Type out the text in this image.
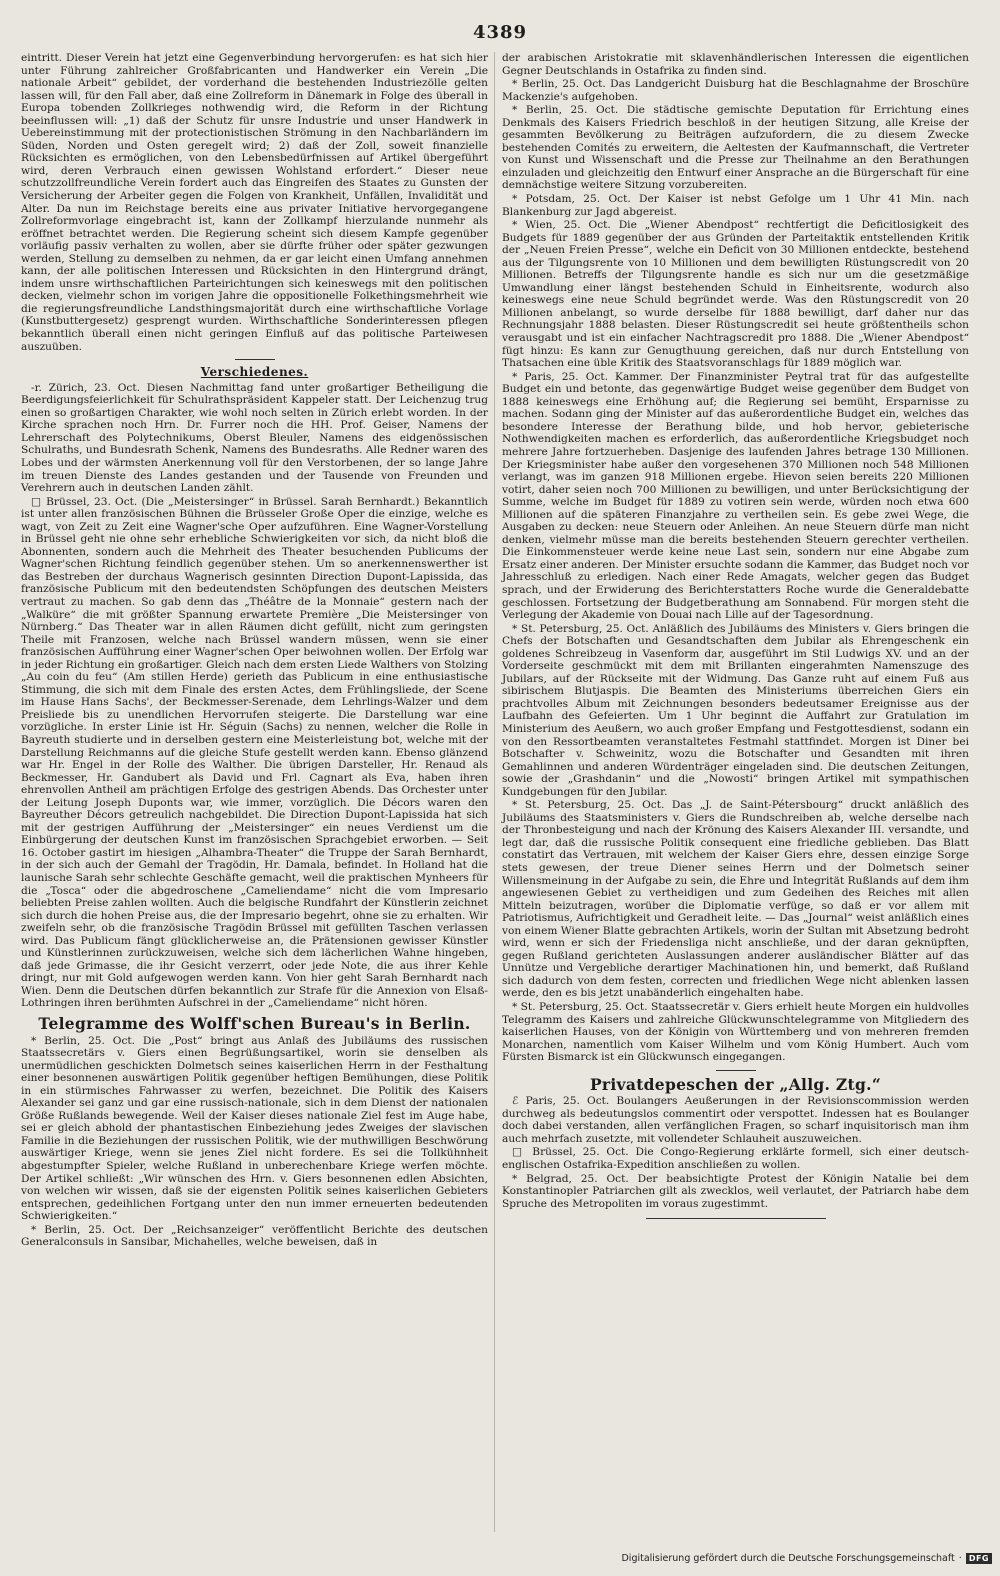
4389

eintritt. Dieser Verein hat jetzt eine Gegenverbindung hervorgerufen: es hat sich hier unter Führung zahlreicher Großfabricanten und Handwerker ein Verein „Die nationale Arbeit“ gebildet, der vorderhand die bestehenden Industriezölle gelten lassen will, für den Fall aber, daß eine Zollreform in Dänemark in Folge des überall in Europa tobenden Zollkrieges nothwendig wird, die Reform in der Richtung beeinflussen will: „1) daß der Schutz für unsre Industrie und unser Handwerk in Uebereinstimmung mit der protectionistischen Strömung in den Nachbarländern im Süden, Norden und Osten geregelt wird; 2) daß der Zoll, soweit finanzielle Rücksichten es ermöglichen, von den Lebensbedürfnissen auf Artikel übergeführt wird, deren Verbrauch einen gewissen Wohlstand erfordert.“ Dieser neue schutzzollfreundliche Verein fordert auch das Eingreifen des Staates zu Gunsten der Versicherung der Arbeiter gegen die Folgen von Krankheit, Unfällen, Invalidität und Alter. Da nun im Reichstage bereits eine aus privater Initiative hervorgegangene Zollreformvorlage eingebracht ist, kann der Zollkampf hierzulande nunmehr als eröffnet betrachtet werden. Die Regierung scheint sich diesem Kampfe gegenüber vorläufig passiv verhalten zu wollen, aber sie dürfte früher oder später gezwungen werden, Stellung zu demselben zu nehmen, da er gar leicht einen Umfang annehmen kann, der alle politischen Interessen und Rücksichten in den Hintergrund drängt, indem unsre wirthschaftlichen Parteirichtungen sich keineswegs mit den politischen decken, vielmehr schon im vorigen Jahre die oppositionelle Folkethingsmehrheit wie die regierungsfreundliche Landsthingsmajorität durch eine wirthschaftliche Vorlage (Kunstbuttergesetz) gesprengt wurden. Wirthschaftliche Sonderinteressen pflegen bekanntlich überall einen nicht geringen Einfluß auf das politische Parteiwesen auszuüben.

Verschiedenes.

-r. Zürich, 23. Oct. Diesen Nachmittag fand unter großartiger Betheiligung die Beerdigungsfeierlichkeit für Schulrathspräsident Kappeler statt. Der Leichenzug trug einen so großartigen Charakter, wie wohl noch selten in Zürich erlebt worden. In der Kirche sprachen noch Hrn. Dr. Furrer noch die HH. Prof. Geiser, Namens der Lehrerschaft des Polytechnikums, Oberst Bleuler, Namens des eidgenössischen Schulraths, und Bundesrath Schenk, Namens des Bundesraths. Alle Redner waren des Lobes und der wärmsten Anerkennung voll für den Verstorbenen, der so lange Jahre im treuen Dienste des Landes gestanden und der Tausende von Freunden und Verehrern auch in deutschen Landen zählt.

□ Brüssel, 23. Oct. (Die „Meistersinger“ in Brüssel. Sarah Bernhardt.) Bekanntlich ist unter allen französischen Bühnen die Brüsseler Große Oper die einzige, welche es wagt, von Zeit zu Zeit eine Wagner'sche Oper aufzuführen. Eine Wagner-Vorstellung in Brüssel geht nie ohne sehr erhebliche Schwierigkeiten vor sich, da nicht bloß die Abonnenten, sondern auch die Mehrheit des Theater besuchenden Publicums der Wagner'schen Richtung feindlich gegenüber stehen. Um so anerkennenswerther ist das Bestreben der durchaus Wagnerisch gesinnten Direction Dupont-Lapissida, das französische Publicum mit den bedeutendsten Schöpfungen des deutschen Meisters vertraut zu machen. So gab denn das „Théâtre de la Monnaie“ gestern nach der „Walküre“ die mit größter Spannung erwartete Première „Die Meistersinger von Nürnberg.“ Das Theater war in allen Räumen dicht gefüllt, nicht zum geringsten Theile mit Franzosen, welche nach Brüssel wandern müssen, wenn sie einer französischen Aufführung einer Wagner'schen Oper beiwohnen wollen. Der Erfolg war in jeder Richtung ein großartiger. Gleich nach dem ersten Liede Walthers von Stolzing „Au coin du feu“ (Am stillen Herde) gerieth das Publicum in eine enthusiastische Stimmung, die sich mit dem Finale des ersten Actes, dem Frühlingsliede, der Scene im Hause Hans Sachs', der Beckmesser-Serenade, dem Lehrlings-Walzer und dem Preisliede bis zu unendlichen Hervorrufen steigerte. Die Darstellung war eine vorzügliche. In erster Linie ist Hr. Séguin (Sachs) zu nennen, welcher die Rolle in Bayreuth studierte und in derselben gestern eine Meisterleistung bot, welche mit der Darstellung Reichmanns auf die gleiche Stufe gestellt werden kann. Ebenso glänzend war Hr. Engel in der Rolle des Walther. Die übrigen Darsteller, Hr. Renaud als Beckmesser, Hr. Gandubert als David und Frl. Cagnart als Eva, haben ihren ehrenvollen Antheil am prächtigen Erfolge des gestrigen Abends. Das Orchester unter der Leitung Joseph Duponts war, wie immer, vorzüglich. Die Décors waren den Bayreuther Décors getreulich nachgebildet. Die Direction Dupont-Lapissida hat sich mit der gestrigen Aufführung der „Meistersinger“ ein neues Verdienst um die Einbürgerung der deutschen Kunst im französischen Sprachgebiet erworben. — Seit 16. October gastirt im hiesigen „Alhambra-Theater“ die Truppe der Sarah Bernhardt, in der sich auch der Gemahl der Tragödin, Hr. Damala, befindet. In Holland hat die launische Sarah sehr schlechte Geschäfte gemacht, weil die praktischen Mynheers für die „Tosca“ oder die abgedroschene „Cameliendame“ nicht die vom Impresario beliebten Preise zahlen wollten. Auch die belgische Rundfahrt der Künstlerin zeichnet sich durch die hohen Preise aus, die der Impresario begehrt, ohne sie zu erhalten. Wir zweifeln sehr, ob die französische Tragödin Brüssel mit gefüllten Taschen verlassen wird. Das Publicum fängt glücklicherweise an, die Prätensionen gewisser Künstler und Künstlerinnen zurückzuweisen, welche sich dem lächerlichen Wahne hingeben, daß jede Grimasse, die ihr Gesicht verzerrt, oder jede Note, die aus ihrer Kehle dringt, nur mit Gold aufgewogen werden kann. Von hier geht Sarah Bernhardt nach Wien. Denn die Deutschen dürfen bekanntlich zur Strafe für die Annexion von Elsaß-Lothringen ihren berühmten Aufschrei in der „Cameliendame“ nicht hören.

Telegramme des Wolff'schen Bureau's in Berlin.

* Berlin, 25. Oct. Die „Post“ bringt aus Anlaß des Jubiläums des russischen Staatssecretärs v. Giers einen Begrüßungsartikel, worin sie denselben als unermüdlichen geschickten Dolmetsch seines kaiserlichen Herrn in der Festhaltung einer besonnenen auswärtigen Politik gegenüber heftigen Bemühungen, diese Politik in ein stürmisches Fahrwasser zu werfen, bezeichnet. Die Politik des Kaisers Alexander sei ganz und gar eine russisch-nationale, sich in dem Dienst der nationalen Größe Rußlands bewegende. Weil der Kaiser dieses nationale Ziel fest im Auge habe, sei er gleich abhold der phantastischen Einbeziehung jedes Zweiges der slavischen Familie in die Beziehungen der russischen Politik, wie der muthwilligen Beschwörung auswärtiger Kriege, wenn sie jenes Ziel nicht fordere. Es sei die Tollkühnheit abgestumpfter Spieler, welche Rußland in unberechenbare Kriege werfen möchte. Der Artikel schließt: „Wir wünschen des Hrn. v. Giers besonnenen edlen Absichten, von welchen wir wissen, daß sie der eigensten Politik seines kaiserlichen Gebieters entsprechen, gedeihlichen Fortgang unter den nun immer erneuerten bedeutenden Schwierigkeiten.“

* Berlin, 25. Oct. Der „Reichsanzeiger“ veröffentlicht Berichte des deutschen Generalconsuls in Sansibar, Michahelles, welche beweisen, daß in

der arabischen Aristokratie mit sklavenhändlerischen Interessen die eigentlichen Gegner Deutschlands in Ostafrika zu finden sind.

* Berlin, 25. Oct. Das Landgericht Duisburg hat die Beschlagnahme der Broschüre Mackenzie's aufgehoben.

* Berlin, 25. Oct. Die städtische gemischte Deputation für Errichtung eines Denkmals des Kaisers Friedrich beschloß in der heutigen Sitzung, alle Kreise der gesammten Bevölkerung zu Beiträgen aufzufordern, die zu diesem Zwecke bestehenden Comités zu erweitern, die Aeltesten der Kaufmannschaft, die Vertreter von Kunst und Wissenschaft und die Presse zur Theilnahme an den Berathungen einzuladen und gleichzeitig den Entwurf einer Ansprache an die Bürgerschaft für eine demnächstige weitere Sitzung vorzubereiten.

* Potsdam, 25. Oct. Der Kaiser ist nebst Gefolge um 1 Uhr 41 Min. nach Blankenburg zur Jagd abgereist.

* Wien, 25. Oct. Die „Wiener Abendpost“ rechtfertigt die Deficitlosigkeit des Budgets für 1889 gegenüber der aus Gründen der Parteitaktik entstellenden Kritik der „Neuen Freien Presse“, welche ein Deficit von 30 Millionen entdeckte, bestehend aus der Tilgungsrente von 10 Millionen und dem bewilligten Rüstungscredit von 20 Millionen. Betreffs der Tilgungsrente handle es sich nur um die gesetzmäßige Umwandlung einer längst bestehenden Schuld in Einheitsrente, wodurch also keineswegs eine neue Schuld begründet werde. Was den Rüstungscredit von 20 Millionen anbelangt, so wurde derselbe für 1888 bewilligt, darf daher nur das Rechnungsjahr 1888 belasten. Dieser Rüstungscredit sei heute größtentheils schon verausgabt und ist ein einfacher Nachtragscredit pro 1888. Die „Wiener Abendpost“ fügt hinzu: Es kann zur Genugthuung gereichen, daß nur durch Entstellung von Thatsachen eine üble Kritik des Staatsvoranschlags für 1889 möglich war.

* Paris, 25. Oct. Kammer. Der Finanzminister Peytral trat für das aufgestellte Budget ein und betonte, das gegenwärtige Budget weise gegenüber dem Budget von 1888 keineswegs eine Erhöhung auf; die Regierung sei bemüht, Ersparnisse zu machen. Sodann ging der Minister auf das außerordentliche Budget ein, welches das besondere Interesse der Berathung bilde, und hob hervor, gebieterische Nothwendigkeiten machen es erforderlich, das außerordentliche Kriegsbudget noch mehrere Jahre fortzuerheben. Dasjenige des laufenden Jahres betrage 130 Millionen. Der Kriegsminister habe außer den vorgesehenen 370 Millionen noch 548 Millionen verlangt, was im ganzen 918 Millionen ergebe. Hievon seien bereits 220 Millionen votirt, daher seien noch 700 Millionen zu bewilligen, und unter Berücksichtigung der Summe, welche im Budget für 1889 zu votiren sein werde, würden noch etwa 600 Millionen auf die späteren Finanzjahre zu vertheilen sein. Es gebe zwei Wege, die Ausgaben zu decken: neue Steuern oder Anleihen. An neue Steuern dürfe man nicht denken, vielmehr müsse man die bereits bestehenden Steuern gerechter vertheilen. Die Einkommensteuer werde keine neue Last sein, sondern nur eine Abgabe zum Ersatz einer anderen. Der Minister ersuchte sodann die Kammer, das Budget noch vor Jahresschluß zu erledigen. Nach einer Rede Amagats, welcher gegen das Budget sprach, und der Erwiderung des Berichterstatters Roche wurde die Generaldebatte geschlossen. Fortsetzung der Budgetberathung am Sonnabend. Für morgen steht die Verlegung der Akademie von Douai nach Lille auf der Tagesordnung.

* St. Petersburg, 25. Oct. Anläßlich des Jubiläums des Ministers v. Giers bringen die Chefs der Botschaften und Gesandtschaften dem Jubilar als Ehrengeschenk ein goldenes Schreibzeug in Vasenform dar, ausgeführt im Stil Ludwigs XV. und an der Vorderseite geschmückt mit dem mit Brillanten eingerahmten Namenszuge des Jubilars, auf der Rückseite mit der Widmung. Das Ganze ruht auf einem Fuß aus sibirischem Blutjaspis. Die Beamten des Ministeriums überreichen Giers ein prachtvolles Album mit Zeichnungen besonders bedeutsamer Ereignisse aus der Laufbahn des Gefeierten. Um 1 Uhr beginnt die Auffahrt zur Gratulation im Ministerium des Aeußern, wo auch großer Empfang und Festgottesdienst, sodann ein von den Ressortbeamten veranstaltetes Festmahl stattfindet. Morgen ist Diner bei Botschafter v. Schweinitz, wozu die Botschafter und Gesandten mit ihren Gemahlinnen und anderen Würdenträger eingeladen sind. Die deutschen Zeitungen, sowie der „Grashdanin“ und die „Nowosti“ bringen Artikel mit sympathischen Kundgebungen für den Jubilar.

* St. Petersburg, 25. Oct. Das „J. de Saint-Pétersbourg“ druckt anläßlich des Jubiläums des Staatsministers v. Giers die Rundschreiben ab, welche derselbe nach der Thronbesteigung und nach der Krönung des Kaisers Alexander III. versandte, und legt dar, daß die russische Politik consequent eine friedliche geblieben. Das Blatt constatirt das Vertrauen, mit welchem der Kaiser Giers ehre, dessen einzige Sorge stets gewesen, der treue Diener seines Herrn und der Dolmetsch seiner Willensmeinung in der Aufgabe zu sein, die Ehre und Integrität Rußlands auf dem ihm angewiesenen Gebiet zu vertheidigen und zum Gedeihen des Reiches mit allen Mitteln beizutragen, worüber die Diplomatie verfüge, so daß er vor allem mit Patriotismus, Aufrichtigkeit und Geradheit leite. — Das „Journal“ weist anläßlich eines von einem Wiener Blatte gebrachten Artikels, worin der Sultan mit Absetzung bedroht wird, wenn er sich der Friedensliga nicht anschließe, und der daran geknüpften, gegen Rußland gerichteten Auslassungen anderer ausländischer Blätter auf das Unnütze und Vergebliche derartiger Machinationen hin, und bemerkt, daß Rußland sich dadurch von dem festen, correcten und friedlichen Wege nicht ablenken lassen werde, den es bis jetzt unabänderlich eingehalten habe.

* St. Petersburg, 25. Oct. Staatssecretär v. Giers erhielt heute Morgen ein huldvolles Telegramm des Kaisers und zahlreiche Glückwunschtelegramme von Mitgliedern des kaiserlichen Hauses, von der Königin von Württemberg und von mehreren fremden Monarchen, namentlich vom Kaiser Wilhelm und vom König Humbert. Auch vom Fürsten Bismarck ist ein Glückwunsch eingegangen.

Privatdepeschen der „Allg. Ztg.“

ℰ Paris, 25. Oct. Boulangers Aeußerungen in der Revisionscommission werden durchweg als bedeutungslos commentirt oder verspottet. Indessen hat es Boulanger doch dabei verstanden, allen verfänglichen Fragen, so scharf inquisitorisch man ihm auch mehrfach zusetzte, mit vollendeter Schlauheit auszuweichen.

□ Brüssel, 25. Oct. Die Congo-Regierung erklärte formell, sich einer deutsch-englischen Ostafrika-Expedition anschließen zu wollen.

* Belgrad, 25. Oct. Der beabsichtigte Protest der Königin Natalie bei dem Konstantinopler Patriarchen gilt als zwecklos, weil verlautet, der Patriarch habe dem Spruche des Metropoliten im voraus zugestimmt.

Digitalisierung gefördert durch die Deutsche Forschungsgemeinschaft · DFG
